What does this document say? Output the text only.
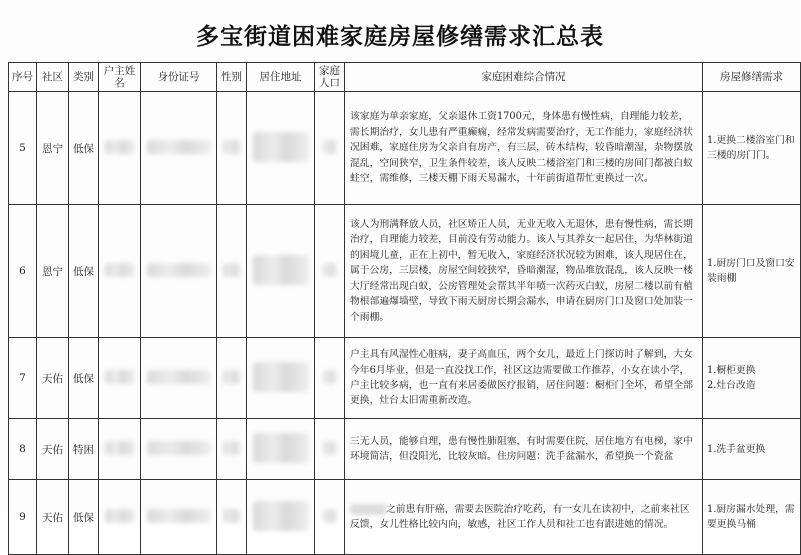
多宝街道困难家庭房屋修缮需求汇总表
序号	社区	类别	户主姓名	身份证号	性别	居住地址	家庭人口	家庭困难综合情况	房屋修缮需求
5	恩宁	低保						该家庭为单亲家庭，父亲退休工资1700元，身体患有慢性病，自理能力较差，需长期治疗，女儿患有严重癫痫，经常发病需要治疗，无工作能力，家庭经济状况困难，家庭住房为父亲自有房产，有三层，砖木结构，较昏暗潮湿，杂物摆放混乱，空间狭窄，卫生条件较差，该人反映二楼浴室门和三楼的房间门都被白蚁蛀空，需维修，三楼天棚下雨天易漏水，十年前街道帮忙更换过一次。	1.更换二楼浴室门和三楼的房门门。

6	恩宁	低保						该人为刑满释放人员，社区矫正人员，无业无收入无退休，患有慢性病，需长期治疗，自理能力较差，目前没有劳动能力。该人与其养女一起居住，为华林街道的困境儿童，正在上初中，暂无收入，家庭经济状况较为困难，该人现居住在，属于公房，三层楼，房屋空间较狭窄，昏暗潮湿，物品堆放混乱，该人反映一楼大厅经常出现白蚁，公房管理处会帮其半年喷一次药灭白蚁，房屋二楼以前有植物根部遍爆墙壁，导致下雨天厨房长期会漏水，申请在厨房门口及窗口处加装一个雨棚。	1.厨房门口及窗口安装雨棚

7	天佑	低保						户主具有风湿性心脏病，妻子高血压，两个女儿，最近上门探访时了解到，大女今年6月毕业，但是一直没找工作，社区这边需要做工作推荐，小女在读小学，户主比较多病，也一直有来居委做医疗报销，居住问题：橱柜门全坏，希望全部更换，灶台太旧需重新改造。	1.橱柜更换
2.灶台改造

8	天佑	特困						三无人员，能够自理，患有慢性肺阻塞，有时需要住院，居住地方有电梯，家中环境简洁，但没阳光，比较灰暗。住房问题：洗手盆漏水，希望换一个瓷盆	1.洗手盆更换

9	天佑	低保						之前患有肝癌，需要去医院治疗吃药，有一女儿在读初中，之前来社区反馈，女儿性格比较内向，敏感，社区工作人员和社工也有跟进她的情况。	1.厨房漏水处理，需要更换马桶
